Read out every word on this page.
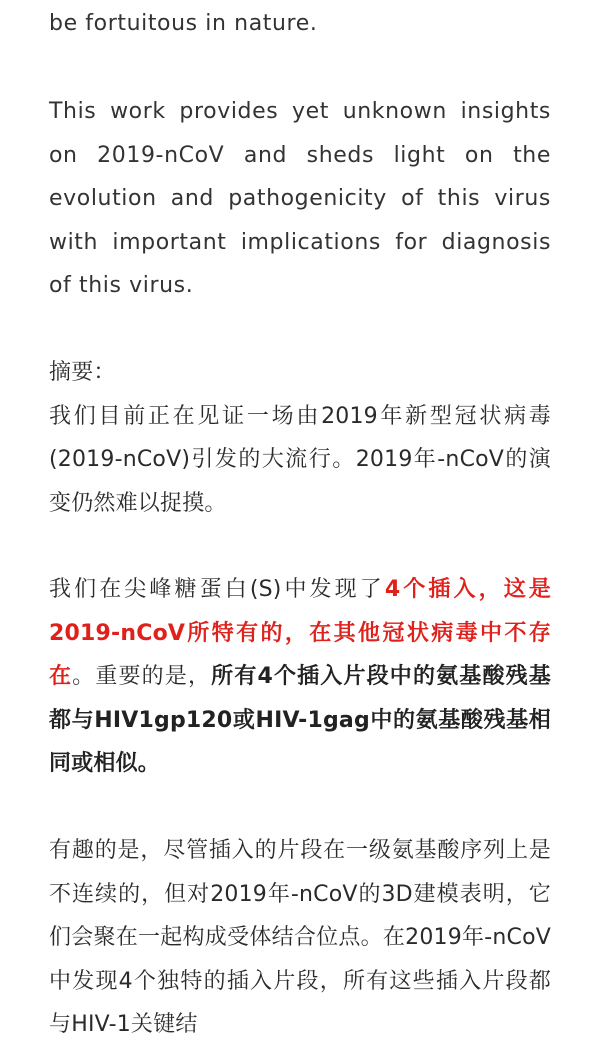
be fortuitous in nature.

This work provides yet unknown insights on 2019-nCoV and sheds light on the evolution and pathogenicity of this virus with important implications for diagnosis of this virus.

摘要：
我们目前正在见证一场由2019年新型冠状病毒(2019-nCoV)引发的大流行。2019年-nCoV的演变仍然难以捉摸。

我们在尖峰糖蛋白(S)中发现了4个插入，这是2019-nCoV所特有的，在其他冠状病毒中不存在。重要的是，所有4个插入片段中的氨基酸残基都与HIV1gp120或HIV-1gag中的氨基酸残基相同或相似。

有趣的是，尽管插入的片段在一级氨基酸序列上是不连续的，但对2019年-nCoV的3D建模表明，它们会聚在一起构成受体结合位点。在2019年-nCoV中发现4个独特的插入片段，所有这些插入片段都与HIV-1关键结
